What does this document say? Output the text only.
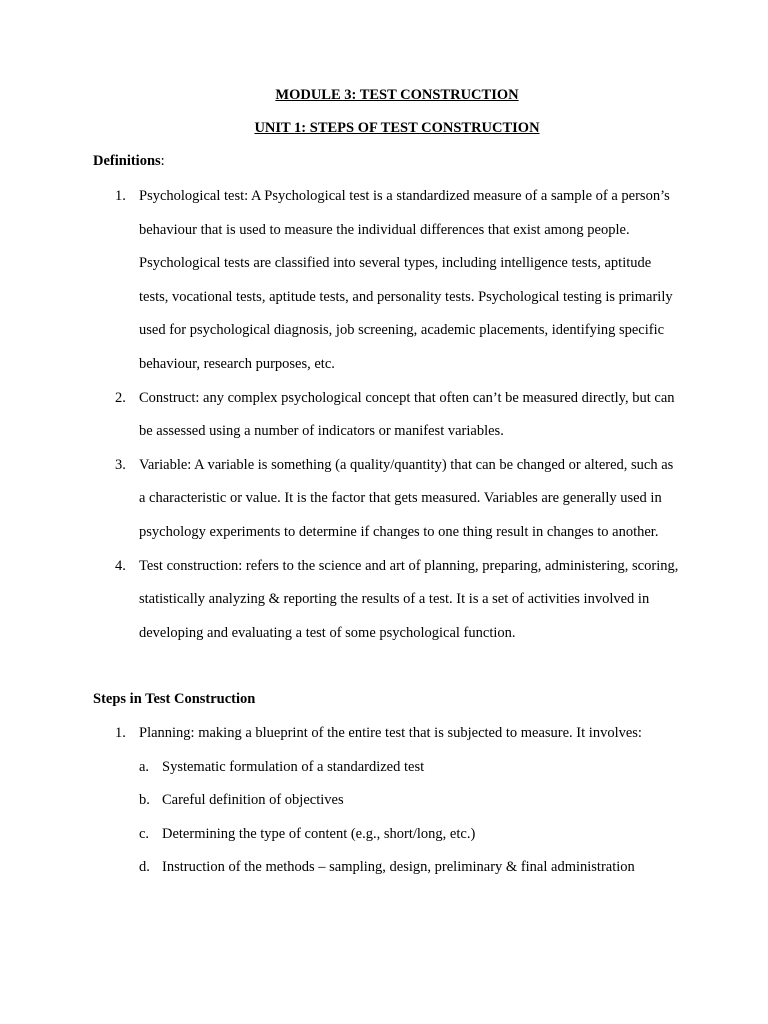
MODULE 3: TEST CONSTRUCTION
UNIT 1: STEPS OF TEST CONSTRUCTION
Definitions:
1. Psychological test: A Psychological test is a standardized measure of a sample of a person’s behaviour that is used to measure the individual differences that exist among people. Psychological tests are classified into several types, including intelligence tests, aptitude tests, vocational tests, aptitude tests, and personality tests. Psychological testing is primarily used for psychological diagnosis, job screening, academic placements, identifying specific behaviour, research purposes, etc.
2. Construct: any complex psychological concept that often can’t be measured directly, but can be assessed using a number of indicators or manifest variables.
3. Variable: A variable is something (a quality/quantity) that can be changed or altered, such as a characteristic or value. It is the factor that gets measured. Variables are generally used in psychology experiments to determine if changes to one thing result in changes to another.
4. Test construction: refers to the science and art of planning, preparing, administering, scoring, statistically analyzing & reporting the results of a test. It is a set of activities involved in developing and evaluating a test of some psychological function.
Steps in Test Construction
1. Planning: making a blueprint of the entire test that is subjected to measure. It involves:
a. Systematic formulation of a standardized test
b. Careful definition of objectives
c. Determining the type of content (e.g., short/long, etc.)
d. Instruction of the methods – sampling, design, preliminary & final administration
